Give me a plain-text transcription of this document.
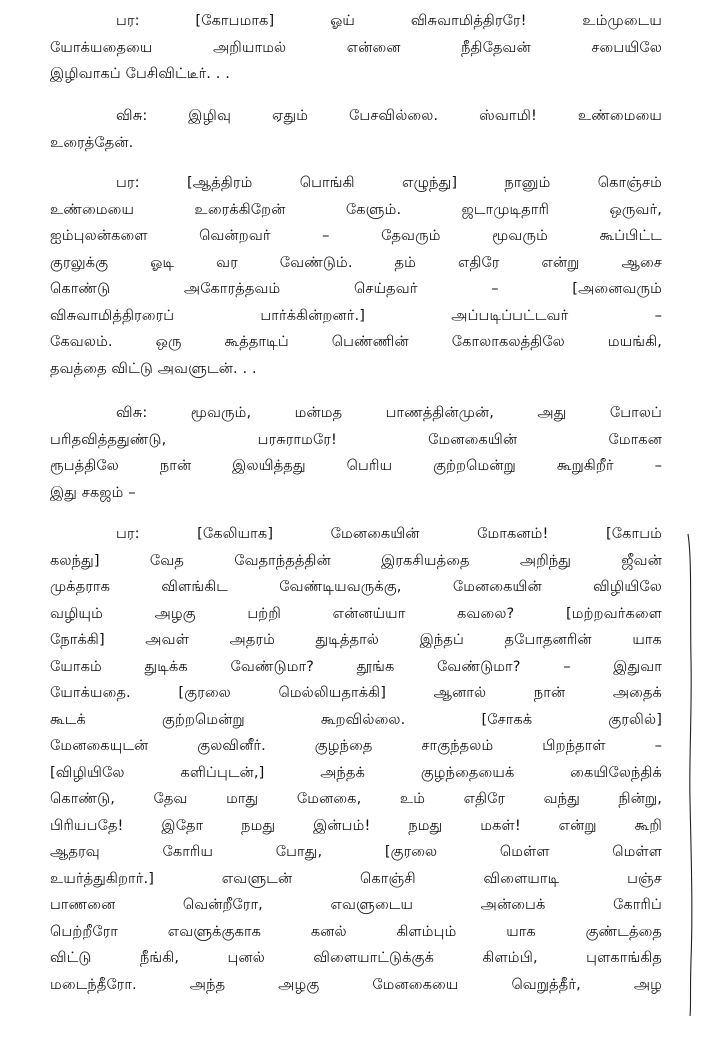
பர: [கோபமாக] ஓய் விசுவாமித்திரரே! உம்முடைய
யோக்யதையை அறியாமல் என்னை நீதிதேவன் சபையிலே
இழிவாகப் பேசிவிட்டீர். . .
விசு: இழிவு ஏதும் பேசவில்லை. ஸ்வாமி! உண்மையை
உரைத்தேன்.
பர: [ஆத்திரம் பொங்கி எழுந்து] நானும் கொஞ்சம்
உண்மையை உரைக்கிறேன் கேளும். ஜடாமுடிதாரி ஒருவர்,
ஐம்புலன்களை வென்றவர் – தேவரும் மூவரும் கூப்பிட்ட
குரலுக்கு ஓடி வர வேண்டும். தம் எதிரே என்று ஆசை
கொண்டு அகோரத்தவம் செய்தவர் – [அனைவரும்
விசுவாமித்திரரைப் பார்க்கின்றனர்.] அப்படிப்பட்டவர் –
கேவலம். ஒரு கூத்தாடிப் பெண்ணின் கோலாகலத்திலே மயங்கி,
தவத்தை விட்டு அவளுடன். . .
விசு: மூவரும், மன்மத பாணத்தின்முன், அது போலப்
பரிதவித்ததுண்டு, பரசுராமரே! மேனகையின் மோகன
ரூபத்திலே நான் இலயித்தது பெரிய குற்றமென்று கூறுகிறீர் –
இது சகஜம் –
பர: [கேலியாக] மேனகையின் மோகனம்! [கோபம்
கலந்து] வேத வேதாந்தத்தின் இரகசியத்தை அறிந்து ஜீவன்
முக்தராக விளங்கிட வேண்டியவருக்கு, மேனகையின் விழியிலே
வழியும் அழகு பற்றி என்னய்யா கவலை? [மற்றவர்களை
நோக்கி] அவள் அதரம் துடித்தால் இந்தப் தபோதனரின் யாக
யோகம் துடிக்க வேண்டுமா? தூங்க வேண்டுமா? – இதுவா
யோக்யதை. [குரலை மெல்லியதாக்கி] ஆனால் நான் அதைக்
கூடக் குற்றமென்று கூறவில்லை. [சோகக் குரலில்]
மேனகையுடன் குலவினீர். குழந்தை சாகுந்தலம் பிறந்தாள் –
[விழியிலே களிப்புடன்,] அந்தக் குழந்தையைக் கையிலேந்திக்
கொண்டு, தேவ மாது மேனகை, உம் எதிரே வந்து நின்று,
பிரியபதே! இதோ நமது இன்பம்! நமது மகள்! என்று கூறி
ஆதரவு கோரிய போது, [குரலை மெள்ள மெள்ள
உயர்த்துகிறார்.] எவளுடன் கொஞ்சி விளையாடி பஞ்ச
பாணனை வென்றீரோ, எவளுடைய அன்பைக் கோரிப்
பெற்றீரோ எவளுக்குகாக கனல் கிளம்பும் யாக குண்டத்தை
விட்டு நீங்கி, புனல் விளையாட்டுக்குக் கிளம்பி, புளகாங்கித
மடைந்தீரோ. அந்த அழகு மேனகையை வெறுத்தீர், அழ
